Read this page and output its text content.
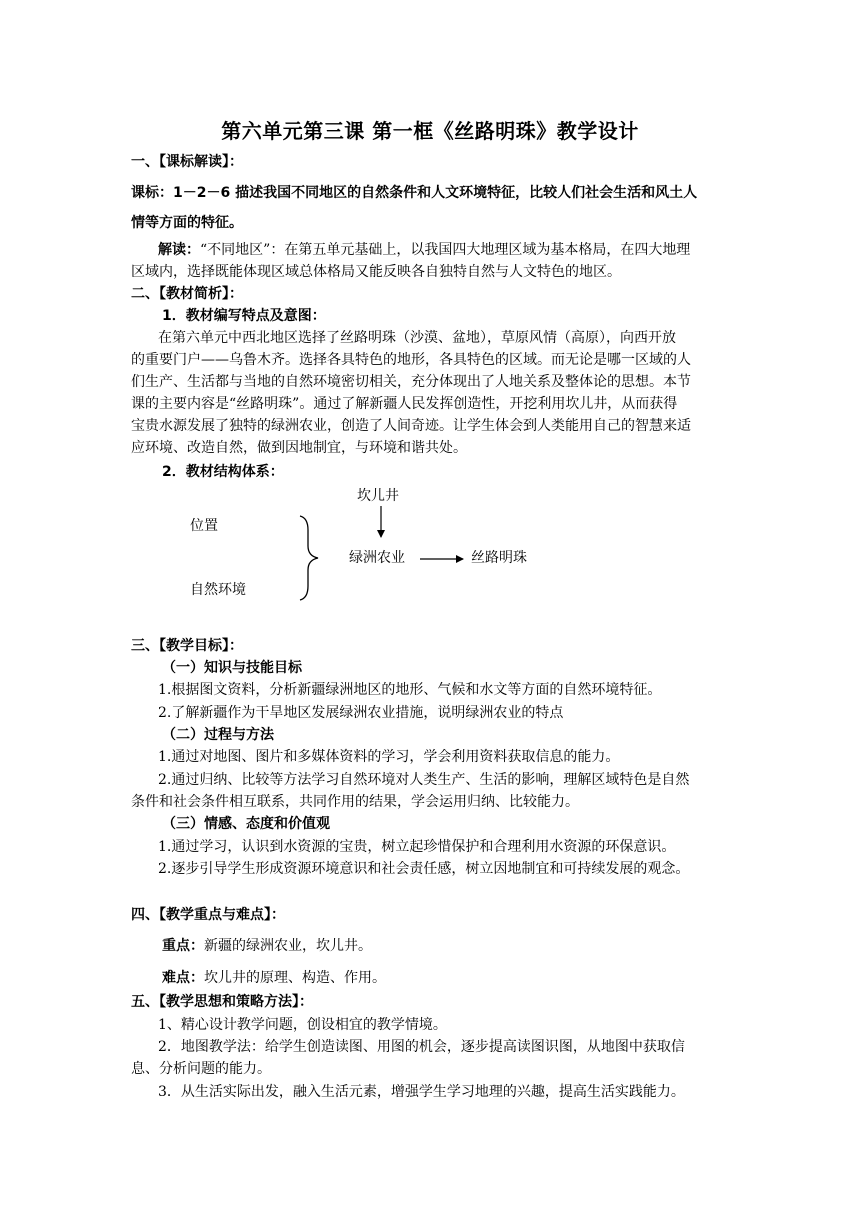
第六单元第三课 第一框《丝路明珠》教学设计
一、【课标解读】：
课标：1－2－6 描述我国不同地区的自然条件和人文环境特征，比较人们社会生活和风土人
情等方面的特征。
解读：“不同地区”：在第五单元基础上，以我国四大地理区域为基本格局，在四大地理
区域内，选择既能体现区域总体格局又能反映各自独特自然与人文特色的地区。
二、【教材简析】：
1．教材编写特点及意图：
在第六单元中西北地区选择了丝路明珠（沙漠、盆地），草原风情（高原），向西开放
的重要门户——乌鲁木齐。选择各具特色的地形，各具特色的区域。而无论是哪一区域的人
们生产、生活都与当地的自然环境密切相关，充分体现出了人地关系及整体论的思想。本节
课的主要内容是“丝路明珠”。通过了解新疆人民发挥创造性，开挖利用坎儿井，从而获得
宝贵水源发展了独特的绿洲农业，创造了人间奇迹。让学生体会到人类能用自己的智慧来适
应环境、改造自然，做到因地制宜，与环境和谐共处。
2．教材结构体系：
坎儿井
位置
自然环境
绿洲农业	丝路明珠
三、【教学目标】：
（一）知识与技能目标
1.根据图文资料，分析新疆绿洲地区的地形、气候和水文等方面的自然环境特征。
2.了解新疆作为干旱地区发展绿洲农业措施，说明绿洲农业的特点
（二）过程与方法
1.通过对地图、图片和多媒体资料的学习，学会利用资料获取信息的能力。
2.通过归纳、比较等方法学习自然环境对人类生产、生活的影响，理解区域特色是自然
条件和社会条件相互联系，共同作用的结果，学会运用归纳、比较能力。
（三）情感、态度和价值观
1.通过学习，认识到水资源的宝贵，树立起珍惜保护和合理利用水资源的环保意识。
2.逐步引导学生形成资源环境意识和社会责任感，树立因地制宜和可持续发展的观念。
四、【教学重点与难点】：
重点：新疆的绿洲农业，坎儿井。
难点：坎儿井的原理、构造、作用。
五、【教学思想和策略方法】：
1、精心设计教学问题，创设相宜的教学情境。
2．地图教学法：给学生创造读图、用图的机会，逐步提高读图识图，从地图中获取信
息、分析问题的能力。
3．从生活实际出发，融入生活元素，增强学生学习地理的兴趣，提高生活实践能力。
